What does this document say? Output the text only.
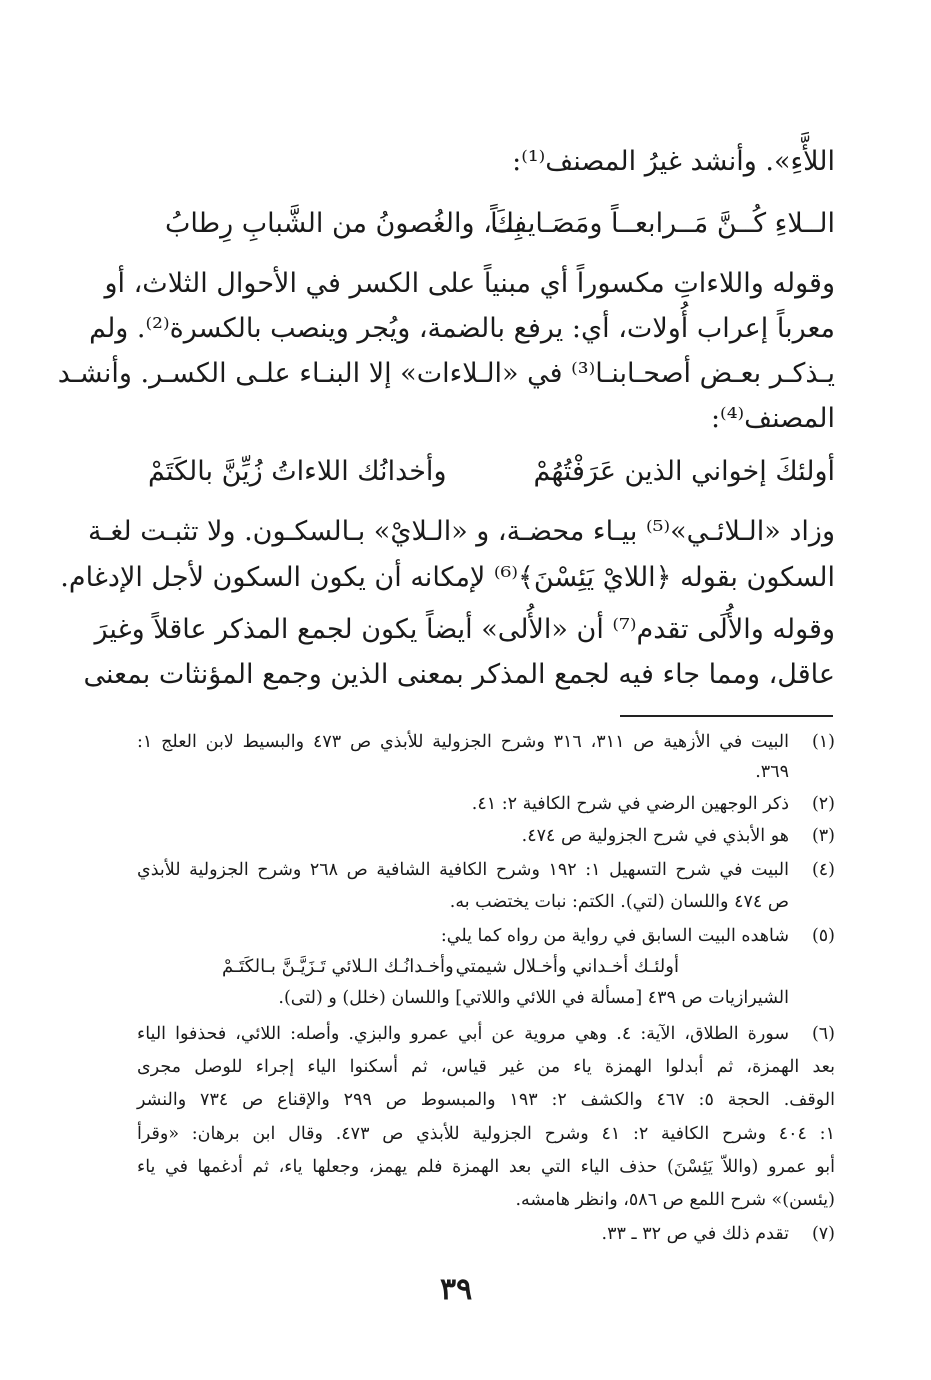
اللأَّءِ». وأنشد غيرُ المصنف⁽¹⁾:
الــلاءِ كُــنَّ مَــرابعــاً ومَصَـايفــاً
بِكَ، والغُصونُ من الشَّبابِ رِطابُ
وقوله واللاءاتِ مكسوراً أي مبنياً على الكسر في الأحوال الثلاث، أو
معرباً إعراب أُولات، أي: يرفع بالضمة، ويُجر وينصب بالكسرة⁽²⁾. ولم
يـذكـر بعـض أصحـابنـا⁽³⁾ في «الـلاءات» إلا البنـاء علـى الكسـر. وأنشـد
المصنف⁽⁴⁾:
أولئكَ إخواني الذين عَرَفْتُهُمْ
وأخدانُك اللاءاتُ زُيِّنَّ بالكَتَمْ
وزاد «الـلائـي»⁽⁵⁾ بيـاء محضـة، و «الـلايْ» بـالسكـون. ولا تثبـت لغـة
السكون بقوله ﴿اللايْ يَئِسْنَ﴾⁽⁶⁾ لإمكانه أن يكون السكون لأجل الإدغام.
وقوله والأُلَى تقدم⁽⁷⁾ أن «الأُلى» أيضاً يكون لجمع المذكر عاقلاً وغيرَ
عاقل، ومما جاء فيه لجمع المذكر بمعنى الذين وجمع المؤنثات بمعنى
(١)
البيت في الأزهية ص ٣١١، ٣١٦ وشرح الجزولية للأبذي ص ٤٧٣ والبسيط لابن العلج ١:
٣٦٩.
(٢)
ذكر الوجهين الرضي في شرح الكافية ٢: ٤١.
(٣)
هو الأبذي في شرح الجزولية ص ٤٧٤.
(٤)
البيت في شرح التسهيل ١: ١٩٢ وشرح الكافية الشافية ص ٢٦٨ وشرح الجزولية للأبذي
ص ٤٧٤ واللسان (لتي). الكتم: نبات يختضب به.
(٥)
شاهده البيت السابق في رواية من رواه كما يلي:
أولئـك أخـداني وأخـلال شيمتي
وأخـدانُـك الـلائي تَـزَيَّـنَّ بـالكَتَـمْ
الشيرازيات ص ٤٣٩ [مسألة في اللائي واللاتي] واللسان (خلل) و (لتى).
(٦)
سورة الطلاق، الآية: ٤. وهي مروية عن أبي عمرو والبزي. وأصله: اللائي، فحذفوا الياء
بعد الهمزة، ثم أبدلوا الهمزة ياء من غير قياس، ثم أسكنوا الياء إجراء للوصل مجرى
الوقف. الحجة ٥: ٤٦٧ والكشف ٢: ١٩٣ والمبسوط ص ٢٩٩ والإقناع ص ٧٣٤ والنشر
١: ٤٠٤ وشرح الكافية ٢: ٤١ وشرح الجزولية للأبذي ص ٤٧٣. وقال ابن برهان: «وقرأ
أبو عمرو (واللاّ يَئِسْنَ) حذف الياء التي بعد الهمزة فلم يهمز، وجعلها ياء، ثم أدغمها في ياء
(يئسن)» شرح اللمع ص ٥٨٦، وانظر هامشه.
(٧)
تقدم ذلك في ص ٣٢ ـ ٣٣.
٣٩
